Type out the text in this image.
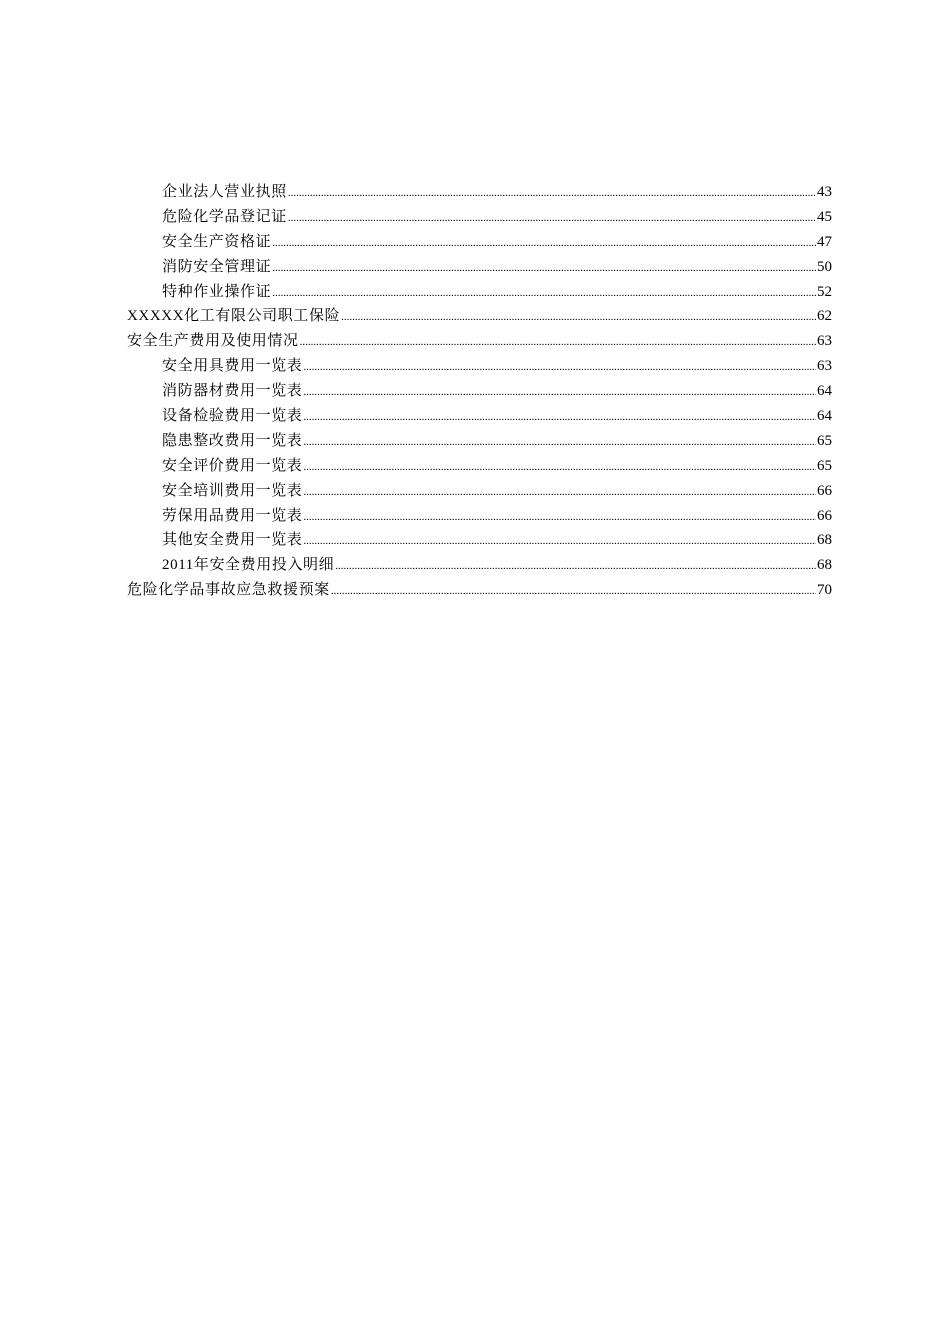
企业法人营业执照 .....	43
危险化学品登记证 .....	45
安全生产资格证 .....	47
消防安全管理证 .....	50
特种作业操作证 .....	52
XXXXX化工有限公司职工保险 .....	62
安全生产费用及使用情况 .....	63
安全用具费用一览表 .....	63
消防器材费用一览表 .....	64
设备检验费用一览表 .....	64
隐患整改费用一览表 .....	65
安全评价费用一览表 .....	65
安全培训费用一览表 .....	66
劳保用品费用一览表 .....	66
其他安全费用一览表 .....	68
2011年安全费用投入明细 .....	68
危险化学品事故应急救援预案 .....	70
